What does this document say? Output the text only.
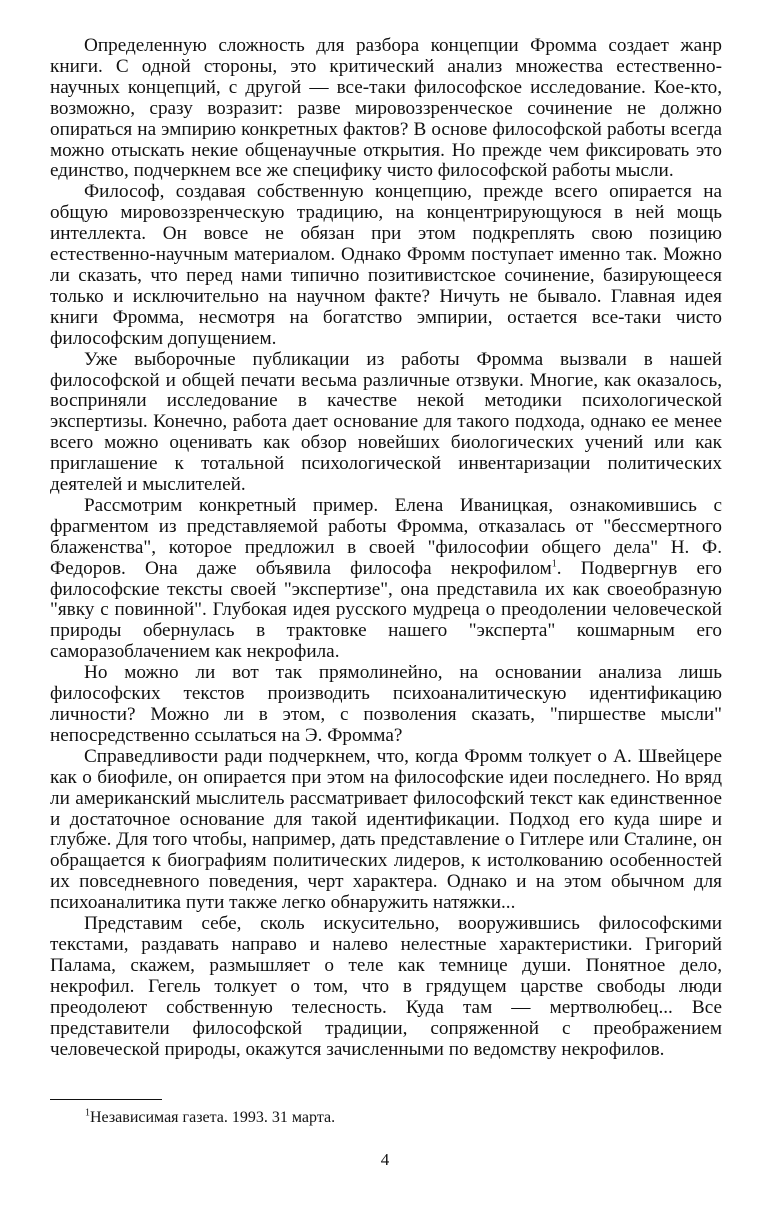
Определенную сложность для разбора концепции Фромма создает жанр книги. С одной стороны, это критический анализ множества естественно-научных концепций, с другой — все-таки философское исследование. Кое-кто, возможно, сразу возразит: разве мировоззренческое сочинение не должно опираться на эмпирию конкретных фактов? В основе философской работы всегда можно отыскать некие общенаучные открытия. Но прежде чем фиксировать это единство, подчеркнем все же специфику чисто философской работы мысли.

Философ, создавая собственную концепцию, прежде всего опирается на общую мировоззренческую традицию, на концентрирующуюся в ней мощь интеллекта. Он вовсе не обязан при этом подкреплять свою позицию естественно-научным материалом. Однако Фромм поступает именно так. Можно ли сказать, что перед нами типично позитивистское сочинение, базирующееся только и исключительно на научном факте? Ничуть не бывало. Главная идея книги Фромма, несмотря на богатство эмпирии, остается все-таки чисто философским допущением.

Уже выборочные публикации из работы Фромма вызвали в нашей философской и общей печати весьма различные отзвуки. Многие, как оказалось, восприняли исследование в качестве некой методики психологической экспертизы. Конечно, работа дает основание для такого подхода, однако ее менее всего можно оценивать как обзор новейших биологических учений или как приглашение к тотальной психологической инвентаризации политических деятелей и мыслителей.

Рассмотрим конкретный пример. Елена Иваницкая, ознакомившись с фрагментом из представляемой работы Фромма, отказалась от "бессмертного блаженства", которое предложил в своей "философии общего дела" Н. Ф. Федоров. Она даже объявила философа некрофилом$^1$. Подвергнув его философские тексты своей "экспертизе", она представила их как своеобразную "явку с повинной". Глубокая идея русского мудреца о преодолении человеческой природы обернулась в трактовке нашего "эксперта" кошмарным его саморазоблачением как некрофила.

Но можно ли вот так прямолинейно, на основании анализа лишь философских текстов производить психоаналитическую идентификацию личности? Можно ли в этом, с позволения сказать, "пиршестве мысли" непосредственно ссылаться на Э. Фромма?

Справедливости ради подчеркнем, что, когда Фромм толкует о А. Швейцере как о биофиле, он опирается при этом на философские идеи последнего. Но вряд ли американский мыслитель рассматривает философский текст как единственное и достаточное основание для такой идентификации. Подход его куда шире и глубже. Для того чтобы, например, дать представление о Гитлере или Сталине, он обращается к биографиям политических лидеров, к истолкованию особенностей их повседневного поведения, черт характера. Однако и на этом обычном для психоаналитика пути также легко обнаружить натяжки...

Представим себе, сколь искусительно, вооружившись философскими текстами, раздавать направо и налево нелестные характеристики. Григорий Палама, скажем, размышляет о теле как темнице души. Понятное дело, некрофил. Гегель толкует о том, что в грядущем царстве свободы люди преодолеют собственную телесность. Куда там — мертволюбец... Все представители философской традиции, сопряженной с преображением человеческой природы, окажутся зачисленными по ведомству некрофилов.

$^1$Независимая газета. 1993. 31 марта.
4
